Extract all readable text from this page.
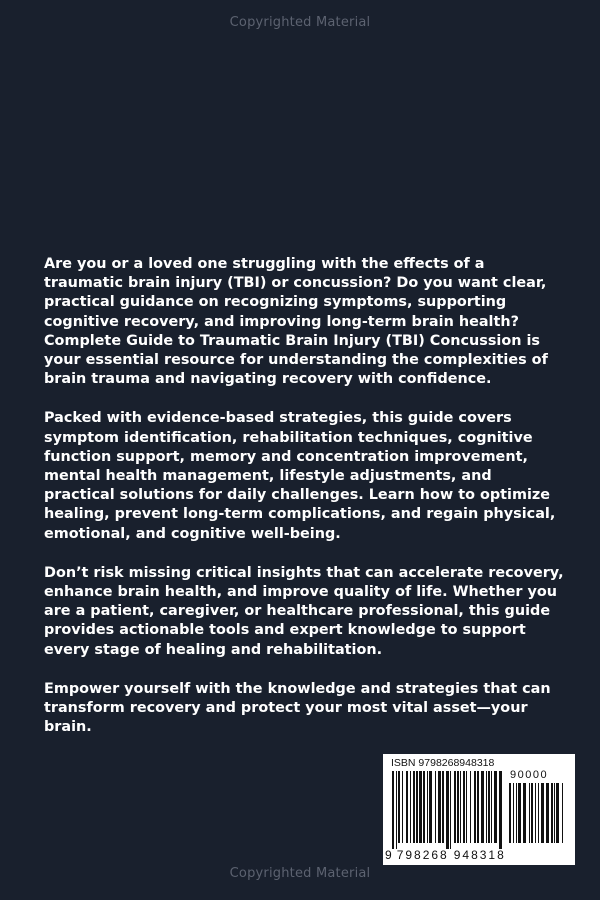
Copyrighted Material

Are you or a loved one struggling with the effects of a traumatic brain injury (TBI) or concussion? Do you want clear, practical guidance on recognizing symptoms, supporting cognitive recovery, and improving long-term brain health? Complete Guide to Traumatic Brain Injury (TBI) Concussion is your essential resource for understanding the complexities of brain trauma and navigating recovery with confidence.

Packed with evidence-based strategies, this guide covers symptom identification, rehabilitation techniques, cognitive function support, memory and concentration improvement, mental health management, lifestyle adjustments, and practical solutions for daily challenges. Learn how to optimize healing, prevent long-term complications, and regain physical, emotional, and cognitive well-being.

Don’t risk missing critical insights that can accelerate recovery, enhance brain health, and improve quality of life. Whether you are a patient, caregiver, or healthcare professional, this guide provides actionable tools and expert knowledge to support every stage of healing and rehabilitation.

Empower yourself with the knowledge and strategies that can transform recovery and protect your most vital asset—your brain.

ISBN 9798268948318
90000
9 798268 948318
Copyrighted Material
